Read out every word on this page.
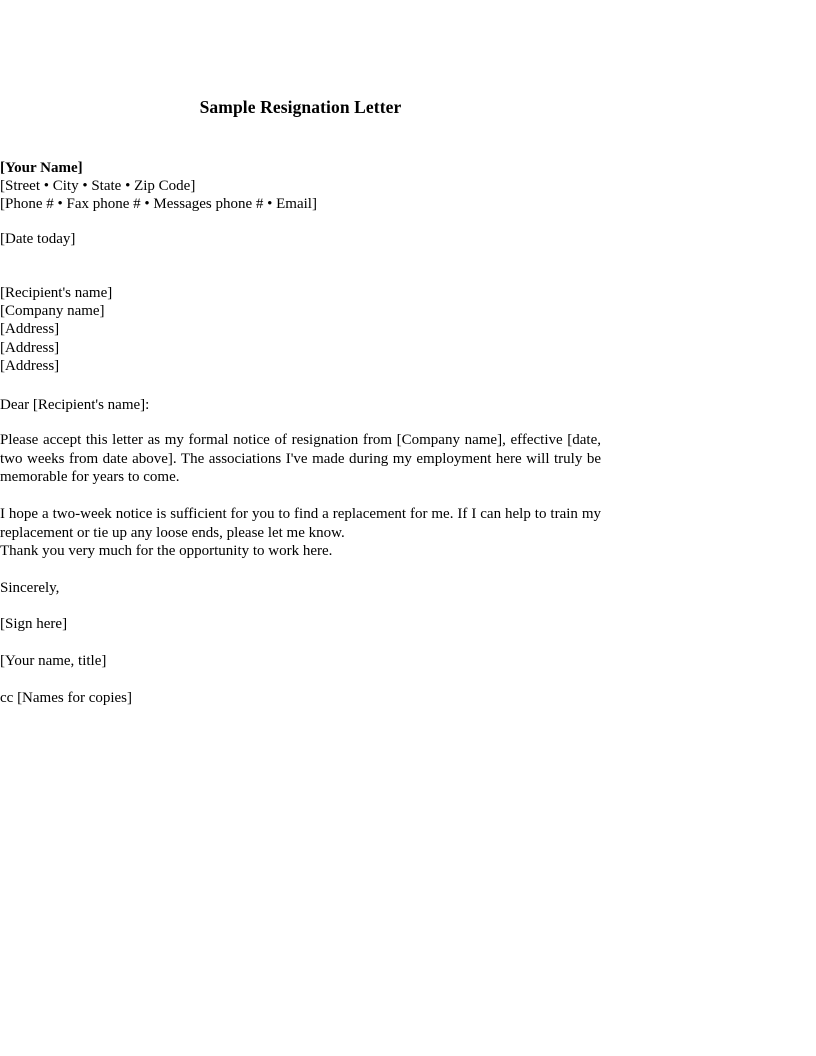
Sample Resignation Letter
[Your Name]
[Street • City • State • Zip Code]
[Phone # • Fax phone # • Messages phone # • Email]
[Date today]
[Recipient's name]
[Company name]
[Address]
[Address]
[Address]
Dear [Recipient's name]:

Please accept this letter as my formal notice of resignation from [Company name], effective [date, two weeks from date above]. The associations I've made during my employment here will truly be memorable for years to come.

I hope a two-week notice is sufficient for you to find a replacement for me. If I can help to train my replacement or tie up any loose ends, please let me know.
Thank you very much for the opportunity to work here.

Sincerely,
[Sign here]
[Your name, title]
cc [Names for copies]
